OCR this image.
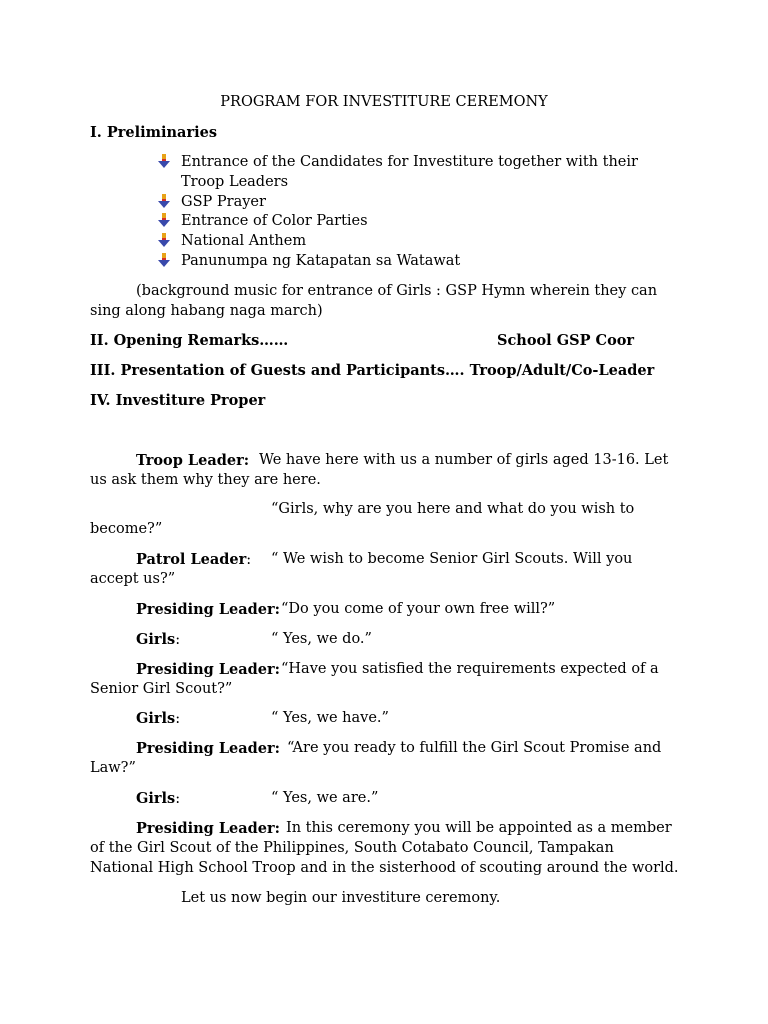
PROGRAM FOR INVESTITURE CEREMONY
I. Preliminaries
Entrance of the Candidates for Investiture together with their
Troop Leaders
GSP Prayer
Entrance of Color Parties
National Anthem
Panunumpa ng Katapatan sa Watawat
(background music for entrance of Girls : GSP Hymn wherein they can
sing along habang naga march)
II. Opening Remarks……	School GSP Coor
III. Presentation of Guests and Participants…. Troop/Adult/Co-Leader
IV. Investiture Proper
Troop Leader: We have here with us a number of girls aged 13-16. Let
us ask them why they are here.
“Girls, why are you here and what do you wish to
become?”
Patrol Leader: “ We wish to become Senior Girl Scouts. Will you
accept us?”
Presiding Leader: “Do you come of your own free will?”
Girls:	“ Yes, we do.”
Presiding Leader: “Have you satisfied the requirements expected of a
Senior Girl Scout?”
Girls:	“ Yes, we have.”
Presiding Leader: “Are you ready to fulfill the Girl Scout Promise and
Law?”
Girls:	“ Yes, we are.”
Presiding Leader: In this ceremony you will be appointed as a member
of the Girl Scout of the Philippines, South Cotabato Council, Tampakan
National High School Troop and in the sisterhood of scouting around the world.
Let us now begin our investiture ceremony.
